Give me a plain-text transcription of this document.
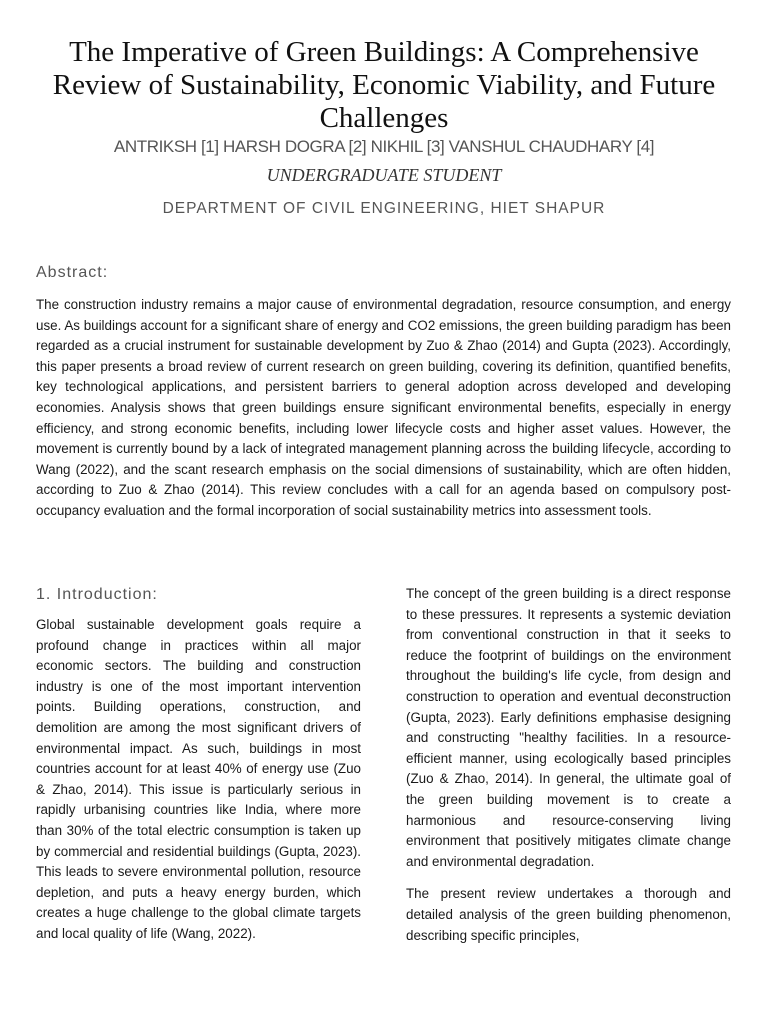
The Imperative of Green Buildings: A Comprehensive Review of Sustainability, Economic Viability, and Future Challenges
ANTRIKSH [1] HARSH DOGRA [2] NIKHIL [3] VANSHUL CHAUDHARY [4]
UNDERGRADUATE STUDENT
DEPARTMENT OF CIVIL ENGINEERING, HIET SHAPUR
Abstract:

The construction industry remains a major cause of environmental degradation, resource consumption, and energy use. As buildings account for a significant share of energy and CO2 emissions, the green building paradigm has been regarded as a crucial instrument for sustainable development by Zuo & Zhao (2014) and Gupta (2023). Accordingly, this paper presents a broad review of current research on green building, covering its definition, quantified benefits, key technological applications, and persistent barriers to general adoption across developed and developing economies. Analysis shows that green buildings ensure significant environmental benefits, especially in energy efficiency, and strong economic benefits, including lower lifecycle costs and higher asset values. However, the movement is currently bound by a lack of integrated management planning across the building lifecycle, according to Wang (2022), and the scant research emphasis on the social dimensions of sustainability, which are often hidden, according to Zuo & Zhao (2014). This review concludes with a call for an agenda based on compulsory post-occupancy evaluation and the formal incorporation of social sustainability metrics into assessment tools.

1. Introduction:

Global sustainable development goals require a profound change in practices within all major economic sectors. The building and construction industry is one of the most important intervention points. Building operations, construction, and demolition are among the most significant drivers of environmental impact. As such, buildings in most countries account for at least 40% of energy use (Zuo & Zhao, 2014). This issue is particularly serious in rapidly urbanising countries like India, where more than 30% of the total electric consumption is taken up by commercial and residential buildings (Gupta, 2023). This leads to severe environmental pollution, resource depletion, and puts a heavy energy burden, which creates a huge challenge to the global climate targets and local quality of life (Wang, 2022).

The concept of the green building is a direct response to these pressures. It represents a systemic deviation from conventional construction in that it seeks to reduce the footprint of buildings on the environment throughout the building's life cycle, from design and construction to operation and eventual deconstruction (Gupta, 2023). Early definitions emphasise designing and constructing "healthy facilities. In a resource-efficient manner, using ecologically based principles (Zuo & Zhao, 2014). In general, the ultimate goal of the green building movement is to create a harmonious and resource-conserving living environment that positively mitigates climate change and environmental degradation.

The present review undertakes a thorough and detailed analysis of the green building phenomenon, describing specific principles,
